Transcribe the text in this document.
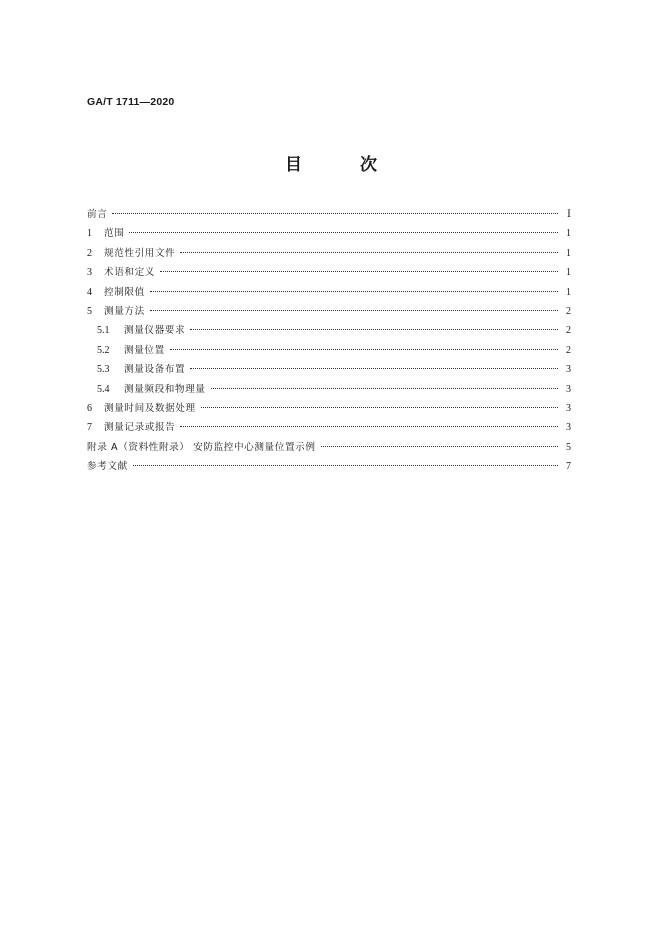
GA/T 1711—2020
目 次
前言	Ⅰ
1	范围	1
2	规范性引用文件	1
3	术语和定义	1
4	控制限值	1
5	测量方法	2
5.1	测量仪器要求	2
5.2	测量位置	2
5.3	测量设备布置	3
5.4	测量频段和物理量	3
6	测量时间及数据处理	3
7	测量记录或报告	3
附录 A（资料性附录） 安防监控中心测量位置示例	5
参考文献	7
